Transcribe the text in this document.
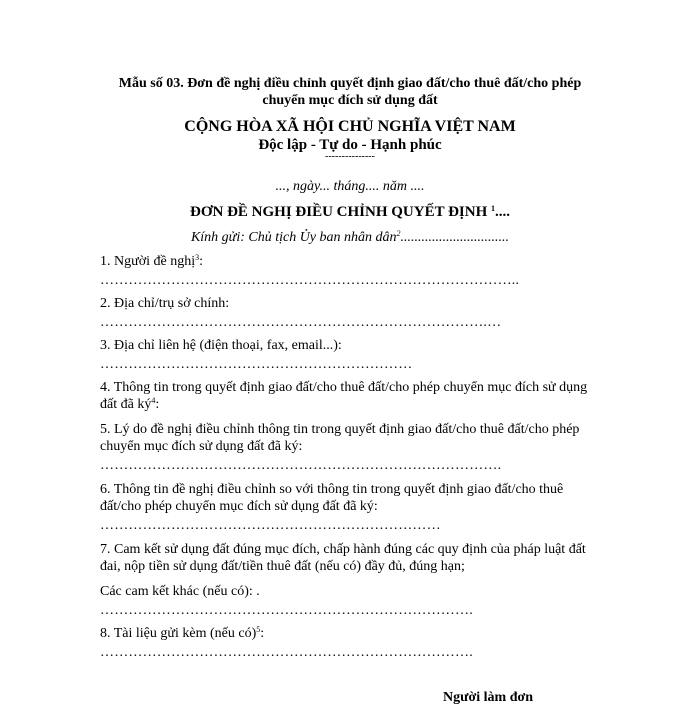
Mẫu số 03. Đơn đề nghị điều chỉnh quyết định giao đất/cho thuê đất/cho phép
chuyển mục đích sử dụng đất
CỘNG HÒA XÃ HỘI CHỦ NGHĨA VIỆT NAM
Độc lập - Tự do - Hạnh phúc
---------------
..., ngày... tháng.... năm ....
ĐƠN ĐỀ NGHỊ ĐIỀU CHỈNH QUYẾT ĐỊNH $^1$....
Kính gửi: Chủ tịch Ủy ban nhân dân$^2$...............................
1. Người đề nghị$^3$:
……………………………………………………………………………..
2. Địa chỉ/trụ sở chính:
……………………………………………………………………….…
3. Địa chỉ liên hệ (điện thoại, fax, email...):
…………………………………………………………
4. Thông tin trong quyết định giao đất/cho thuê đất/cho phép chuyển mục đích sử dụng
đất đã $ký^4$:
5. Lý do đề nghị điều chỉnh thông tin trong quyết định giao đất/cho thuê đất/cho phép
chuyển mục đích sử dụng đất đã ký:
………………………………………………………………………….
6. Thông tin đề nghị điều chỉnh so với thông tin trong quyết định giao đất/cho thuê
đất/cho phép chuyển mục đích sử dụng đất đã ký:
………………………………………………………………
7. Cam kết sử dụng đất đúng mục đích, chấp hành đúng các quy định của pháp luật đất
đai, nộp tiền sử dụng đất/tiền thuê đất (nếu có) đầy đủ, đúng hạn;
Các cam kết khác (nếu có): .
…………………………………………………………………….
8. Tài liệu gửi kèm (nếu có)$^5$:
…………………………………………………………………….
Người làm đơn
